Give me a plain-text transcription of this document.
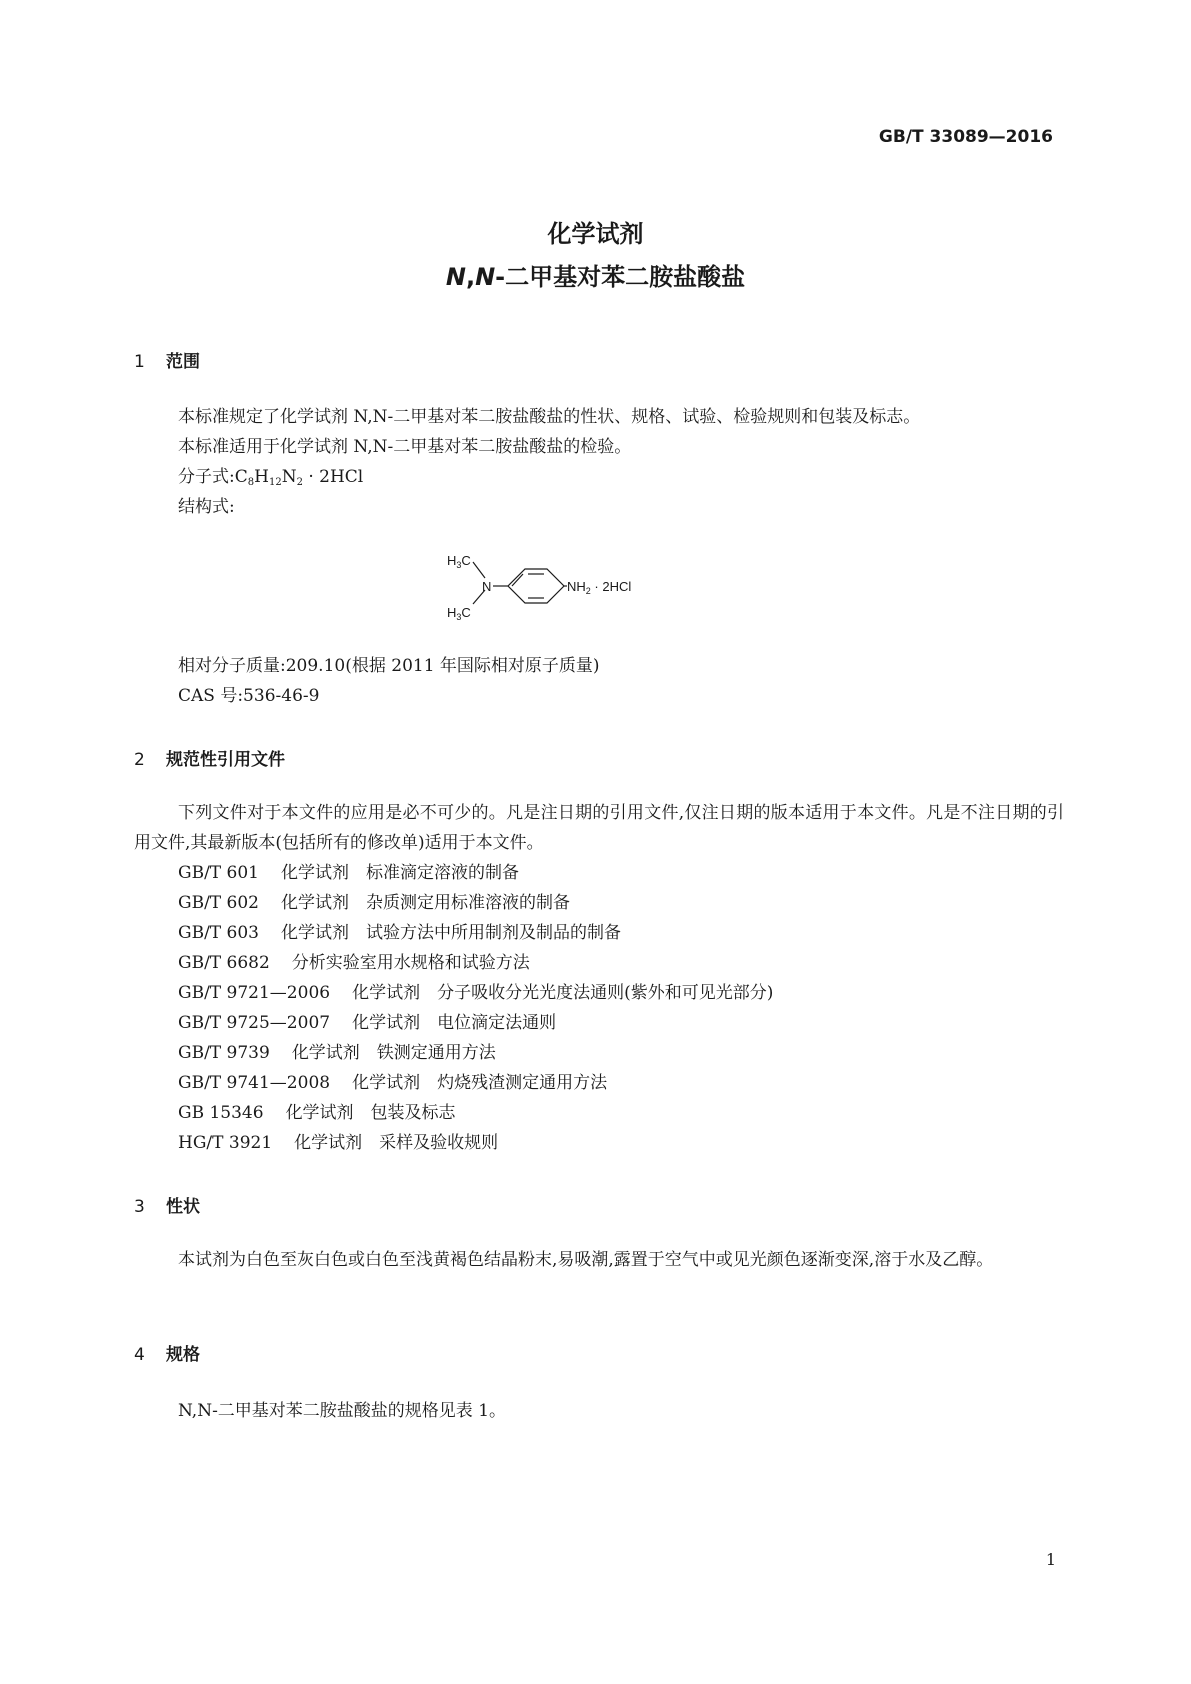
GB/T 33089—2016
化学试剂
N,N-二甲基对苯二胺盐酸盐
1 范围
本标准规定了化学试剂 N,N-二甲基对苯二胺盐酸盐的性状、规格、试验、检验规则和包装及标志。
本标准适用于化学试剂 N,N-二甲基对苯二胺盐酸盐的检验。
分子式$:C_8H_{12}N_2 \cdot 2HCl$
结构式:
$H_3C$
$H_3C$
N	$NH_2 \cdot 2HCl$
相对分子质量:209.10(根据 2011 年国际相对原子质量)
CAS 号:536-46-9
2 规范性引用文件
下列文件对于本文件的应用是必不可少的。凡是注日期的引用文件,仅注日期的版本适用于本文件。凡是不注日期的引用文件,其最新版本(包括所有的修改单)适用于本文件。
GB/T 601 化学试剂　标准滴定溶液的制备
GB/T 602 化学试剂　杂质测定用标准溶液的制备
GB/T 603 化学试剂　试验方法中所用制剂及制品的制备
GB/T 6682 分析实验室用水规格和试验方法
GB/T 9721—2006 化学试剂　分子吸收分光光度法通则(紫外和可见光部分)
GB/T 9725—2007 化学试剂　电位滴定法通则
GB/T 9739 化学试剂　铁测定通用方法
GB/T 9741—2008 化学试剂　灼烧残渣测定通用方法
GB 15346 化学试剂　包装及标志
HG/T 3921 化学试剂　采样及验收规则
3 性状
本试剂为白色至灰白色或白色至浅黄褐色结晶粉末,易吸潮,露置于空气中或见光颜色逐渐变深,溶于水及乙醇。
4 规格
N,N-二甲基对苯二胺盐酸盐的规格见表 1。
1
